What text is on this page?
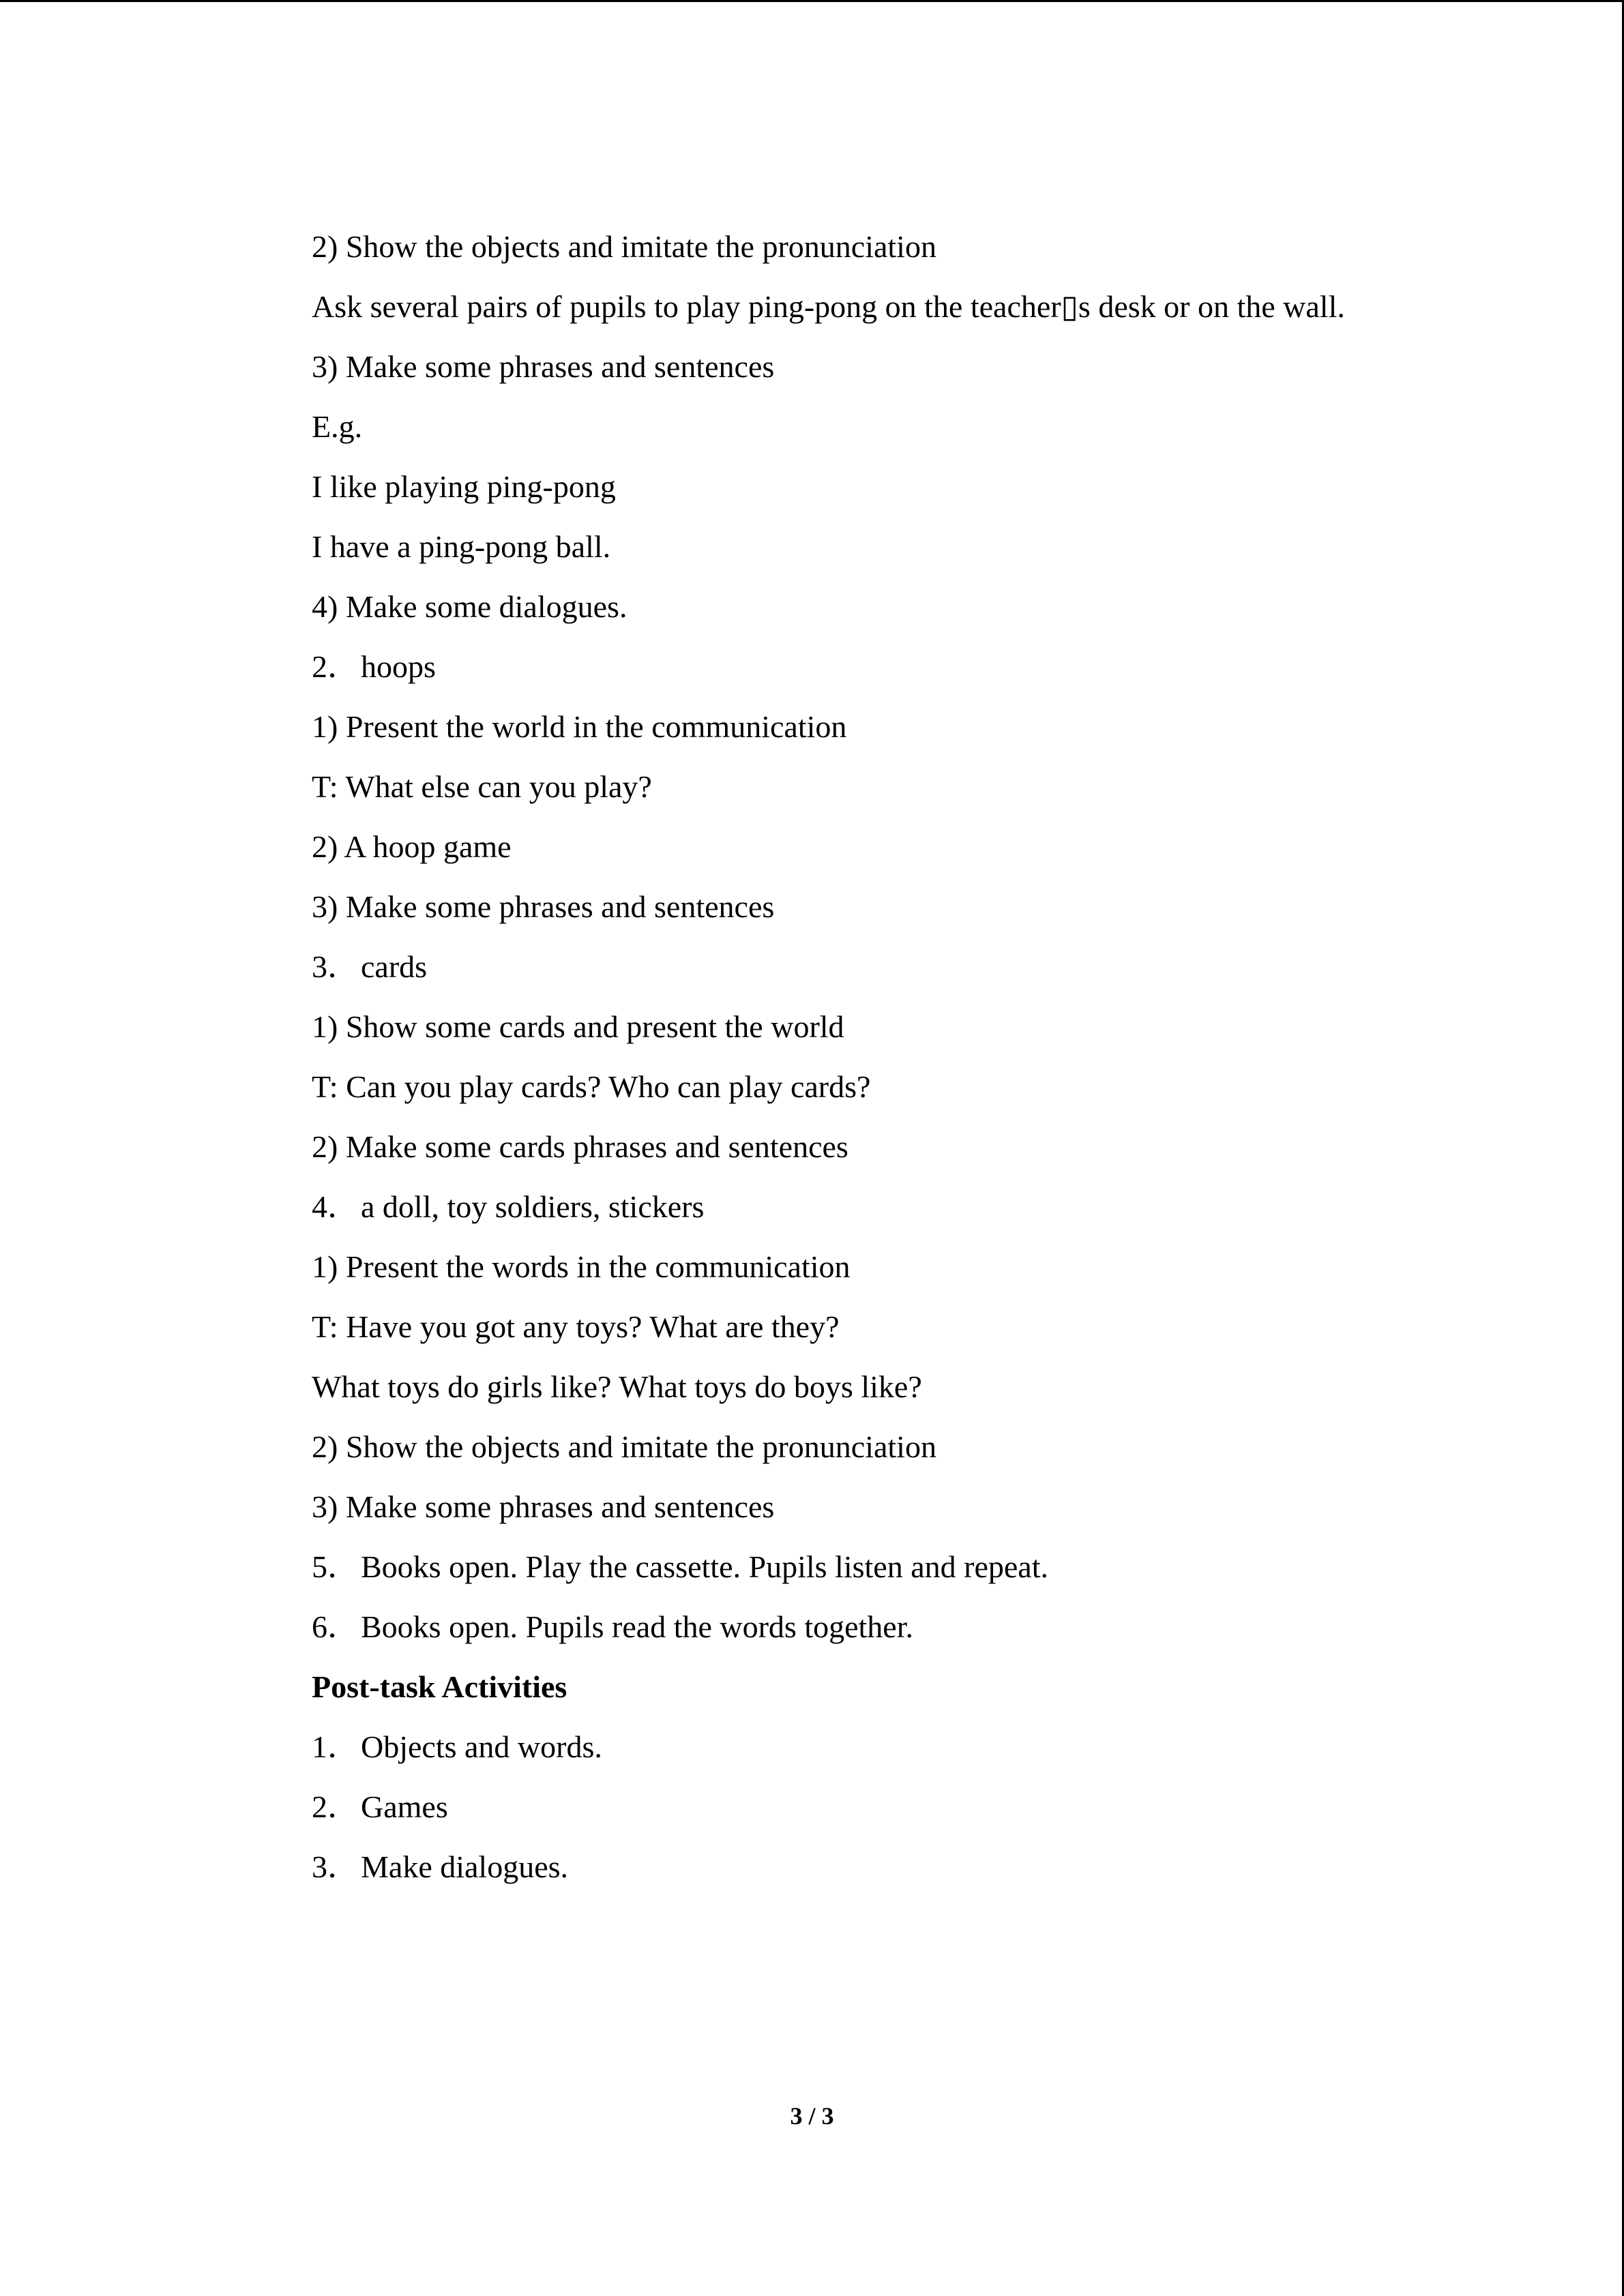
2) Show the objects and imitate the pronunciation
Ask several pairs of pupils to play ping-pong on the teacher▯s desk or on the wall.
3) Make some phrases and sentences
E.g.
I like playing ping-pong
I have a ping-pong ball.
4) Make some dialogues.
2．hoops
1) Present the world in the communication
T: What else can you play?
2) A hoop game
3) Make some phrases and sentences
3．cards
1) Show some cards and present the world
T: Can you play cards? Who can play cards?
2) Make some cards phrases and sentences
4．a doll, toy soldiers, stickers
1) Present the words in the communication
T: Have you got any toys? What are they?
What toys do girls like? What toys do boys like?
2) Show the objects and imitate the pronunciation
3) Make some phrases and sentences
5．Books open. Play the cassette. Pupils listen and repeat.
6．Books open. Pupils read the words together.
Post-task Activities
1．Objects and words.
2．Games
3．Make dialogues.
3 / 3
